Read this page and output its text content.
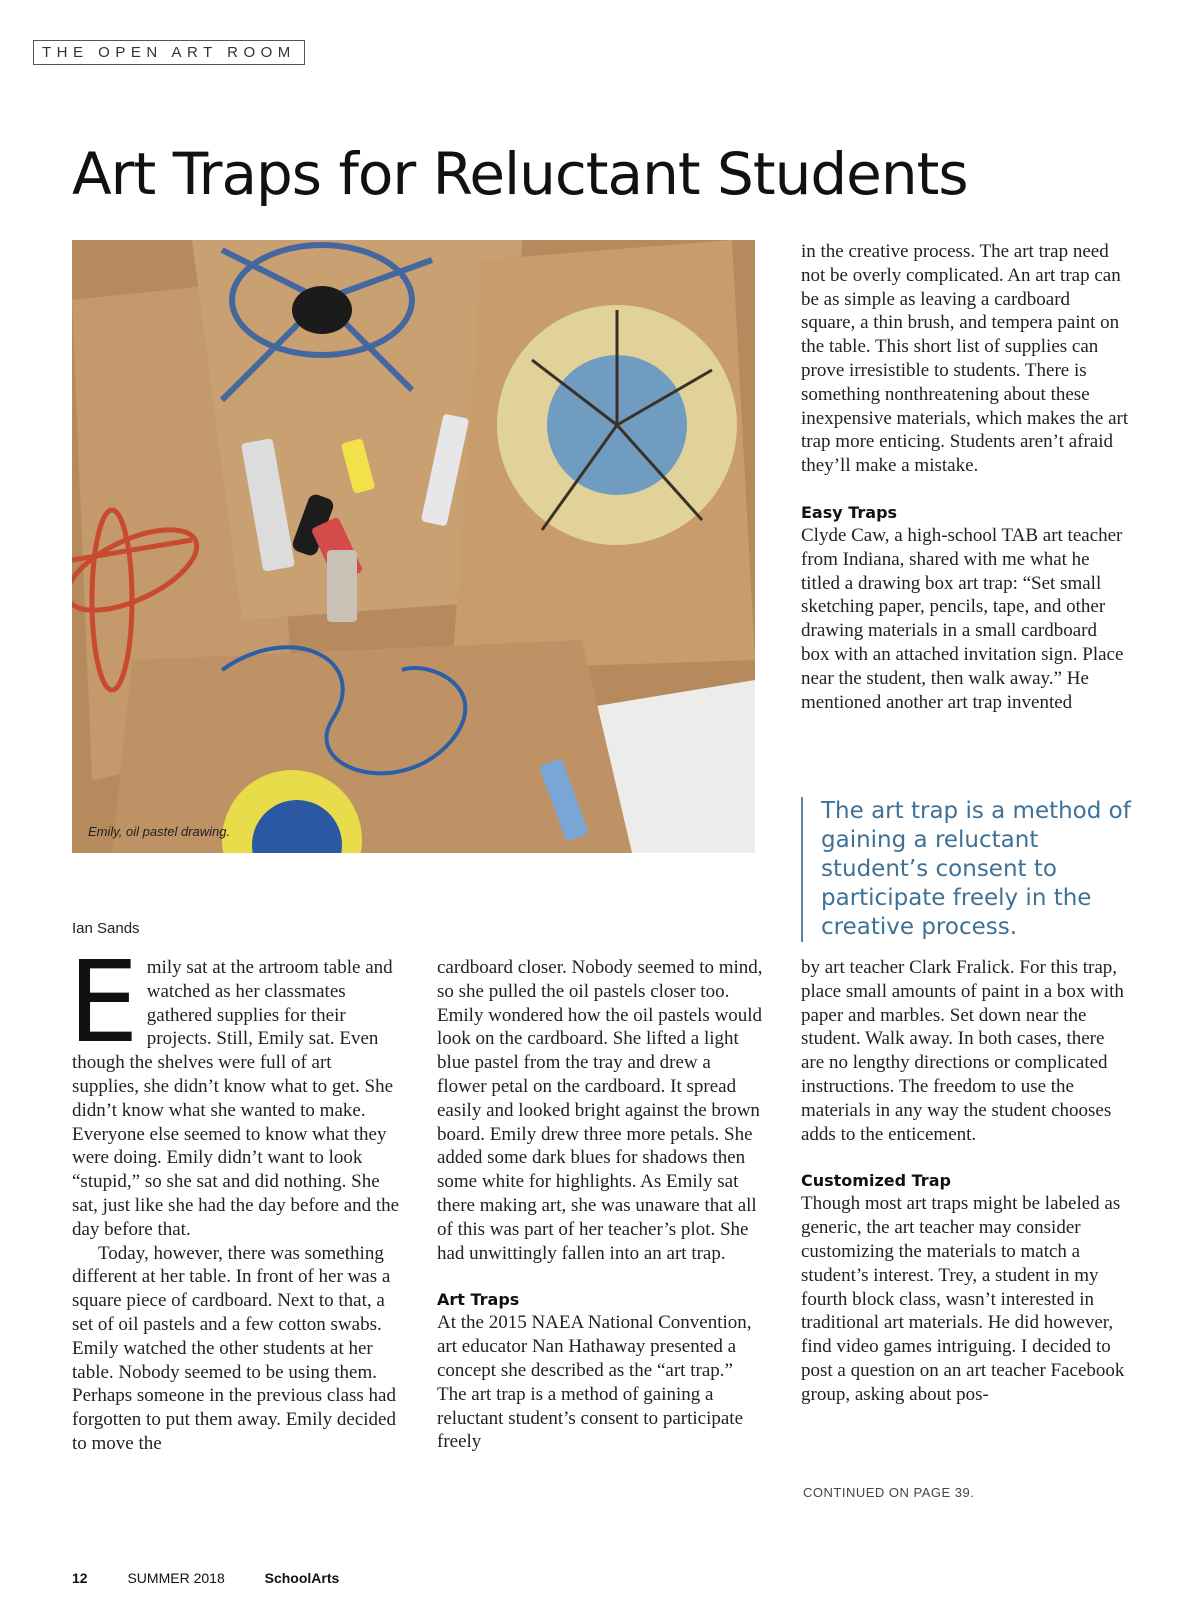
THE OPEN ART ROOM
Art Traps for Reluctant Students
Emily, oil pastel drawing.

in the creative process. The art trap need not be overly complicated. An art trap can be as simple as leaving a cardboard square, a thin brush, and tempera paint on the table. This short list of supplies can prove irresistible to students. There is something nonthreatening about these inexpensive materials, which makes the art trap more enticing. Students aren’t afraid they’ll make a mistake.

Easy Traps

Clyde Caw, a high-school TAB art teacher from Indiana, shared with me what he titled a drawing box art trap: “Set small sketching paper, pencils, tape, and other drawing materials in a small cardboard box with an attached invitation sign. Place near the student, then walk away.” He mentioned another art trap invented

The art trap is a method of gaining a reluctant student’s consent to participate freely in the creative process.
Ian Sands

Emily sat at the artroom table and watched as her classmates gathered supplies for their projects. Still, Emily sat. Even though the shelves were full of art supplies, she didn’t know what to get. She didn’t know what she wanted to make. Everyone else seemed to know what they were doing. Emily didn’t want to look “stupid,” so she sat and did nothing. She sat, just like she had the day before and the day before that.

Today, however, there was something different at her table. In front of her was a square piece of cardboard. Next to that, a set of oil pastels and a few cotton swabs. Emily watched the other students at her table. Nobody seemed to be using them. Perhaps someone in the previous class had forgotten to put them away. Emily decided to move the

cardboard closer. Nobody seemed to mind, so she pulled the oil pastels closer too. Emily wondered how the oil pastels would look on the cardboard. She lifted a light blue pastel from the tray and drew a flower petal on the cardboard. It spread easily and looked bright against the brown board. Emily drew three more petals. She added some dark blues for shadows then some white for highlights. As Emily sat there making art, she was unaware that all of this was part of her teacher’s plot. She had unwittingly fallen into an art trap.

Art Traps

At the 2015 NAEA National Convention, art educator Nan Hathaway presented a concept she described as the “art trap.” The art trap is a method of gaining a reluctant student’s consent to participate freely

by art teacher Clark Fralick. For this trap, place small amounts of paint in a box with paper and marbles. Set down near the student. Walk away. In both cases, there are no lengthy directions or complicated instructions. The freedom to use the materials in any way the student chooses adds to the enticement.

Customized Trap

Though most art traps might be labeled as generic, the art teacher may consider customizing the materials to match a student’s interest. Trey, a student in my fourth block class, wasn’t interested in traditional art materials. He did however, find video games intriguing. I decided to post a question on an art teacher Facebook group, asking about pos-

CONTINUED ON PAGE 39.
12	SUMMER 2018	SchoolArts
